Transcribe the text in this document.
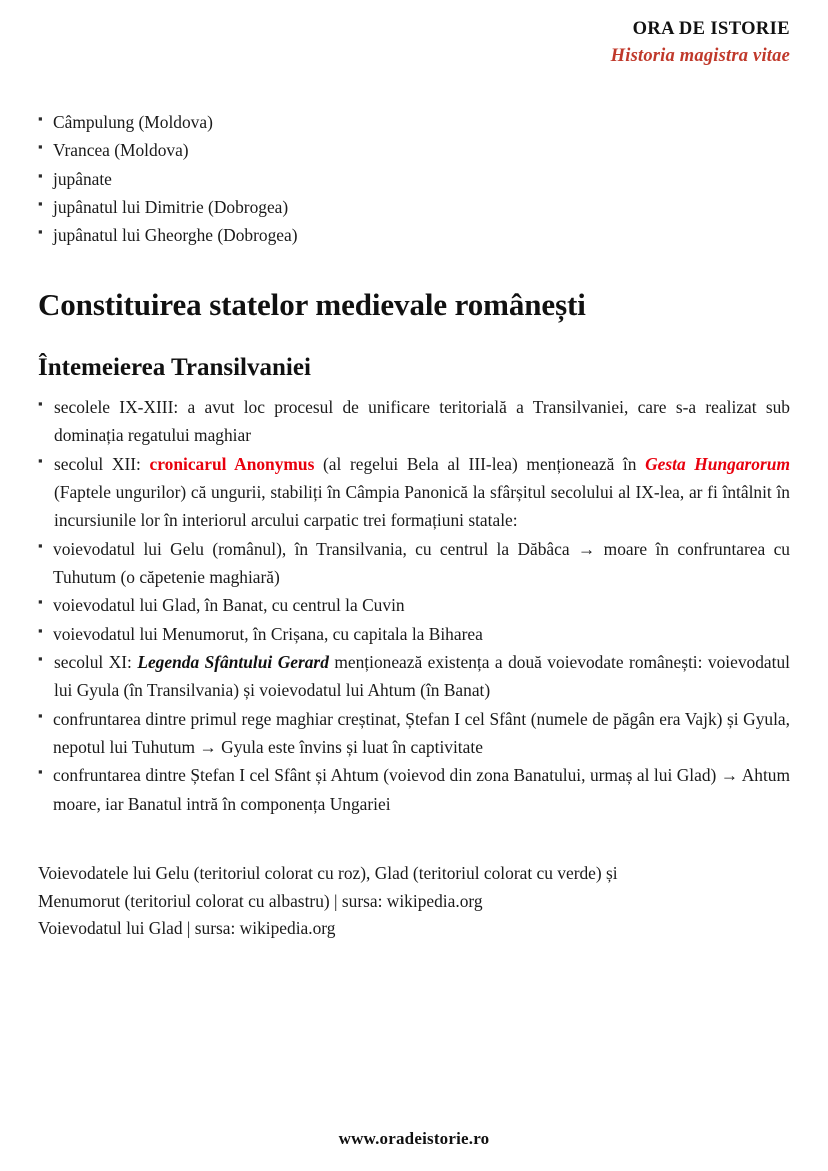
ORA DE ISTORIE
Historia magistra vitae
▪ Câmpulung (Moldova)
▪ Vrancea (Moldova)
▪ jupânate
▪ jupânatul lui Dimitrie (Dobrogea)
▪ jupânatul lui Gheorghe (Dobrogea)
Constituirea statelor medievale românești
Întemeierea Transilvaniei
▪ secolele IX-XIII: a avut loc procesul de unificare teritorială a Transilvaniei, care s-a realizat sub dominația regatului maghiar
▪ secolul XII: cronicarul Anonymus (al regelui Bela al III-lea) menționează în Gesta Hungarorum (Faptele ungurilor) că ungurii, stabiliți în Câmpia Panonică la sfârșitul secolului al IX-lea, ar fi întâlnit în incursiunile lor în interiorul arcului carpatic trei formațiuni statale:
▪ voievodatul lui Gelu (românul), în Transilvania, cu centrul la Dăbâca → moare în confruntarea cu Tuhutum (o căpetenie maghiară)
▪ voievodatul lui Glad, în Banat, cu centrul la Cuvin
▪ voievodatul lui Menumorut, în Crișana, cu capitala la Biharea
▪ secolul XI: Legenda Sfântului Gerard menționează existența a două voievodate românești: voievodatul lui Gyula (în Transilvania) și voievodatul lui Ahtum (în Banat)
▪ confruntarea dintre primul rege maghiar creștinat, Ștefan I cel Sfânt (numele de păgân era Vajk) și Gyula, nepotul lui Tuhutum → Gyula este învins și luat în captivitate
▪ confruntarea dintre Ștefan I cel Sfânt și Ahtum (voievod din zona Banatului, urmaș al lui Glad) → Ahtum moare, iar Banatul intră în componența Ungariei
Voievodatele lui Gelu (teritoriul colorat cu roz), Glad (teritoriul colorat cu verde) și
Menumorut (teritoriul colorat cu albastru) | sursa: wikipedia.org
Voievodatul lui Glad | sursa: wikipedia.org
www.oradeistorie.ro
